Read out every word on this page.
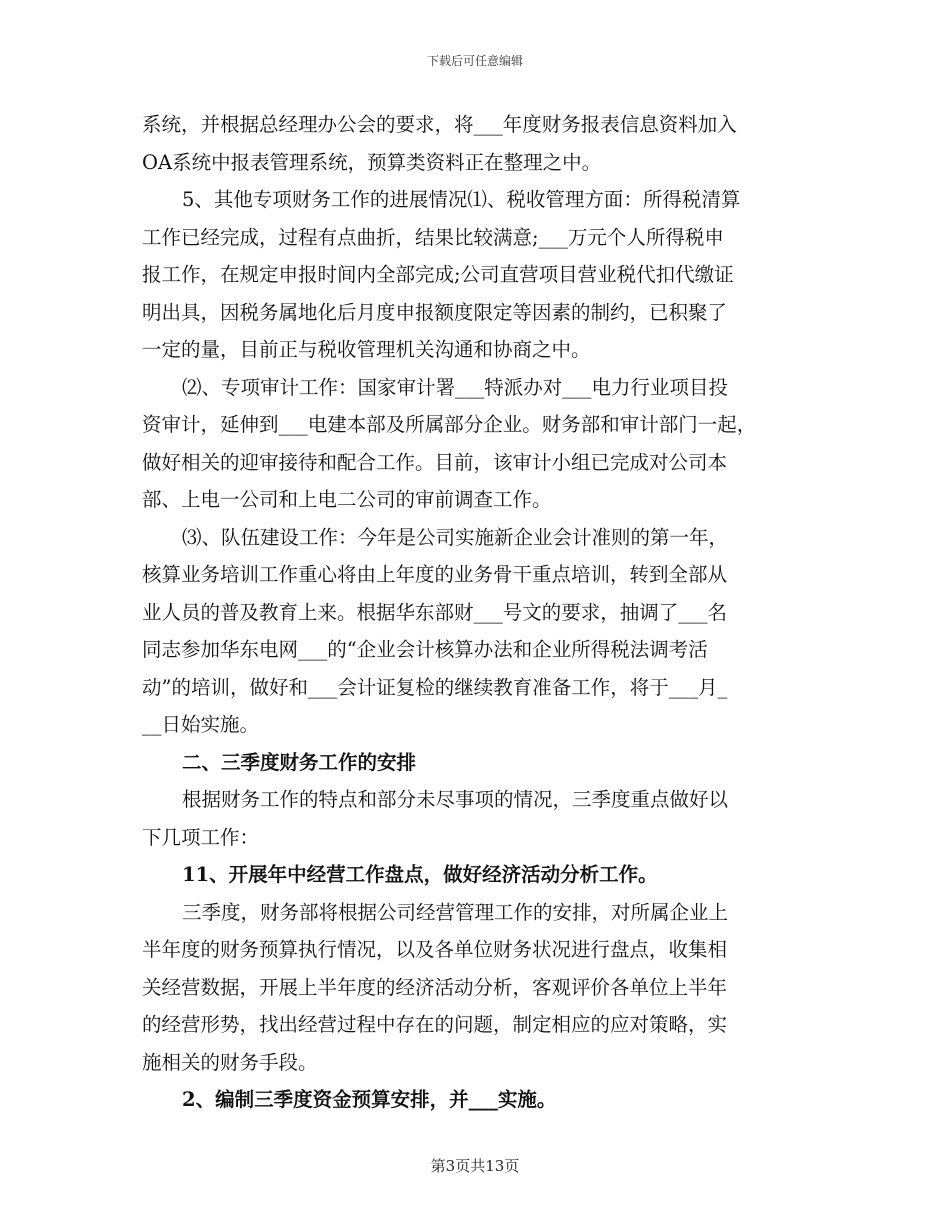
下载后可任意编辑
系统，并根据总经理办公会的要求，将___年度财务报表信息资料加入
OA系统中报表管理系统，预算类资料正在整理之中。
5、其他专项财务工作的进展情况⑴、税收管理方面：所得税清算
工作已经完成，过程有点曲折，结果比较满意;___万元个人所得税申
报工作，在规定申报时间内全部完成;公司直营项目营业税代扣代缴证
明出具，因税务属地化后月度申报额度限定等因素的制约，已积聚了
一定的量，目前正与税收管理机关沟通和协商之中。
⑵、专项审计工作：国家审计署___特派办对___电力行业项目投
资审计，延伸到___电建本部及所属部分企业。财务部和审计部门一起，
做好相关的迎审接待和配合工作。目前，该审计小组已完成对公司本
部、上电一公司和上电二公司的审前调查工作。
⑶、队伍建设工作：今年是公司实施新企业会计准则的第一年，
核算业务培训工作重心将由上年度的业务骨干重点培训，转到全部从
业人员的普及教育上来。根据华东部财___号文的要求，抽调了___名
同志参加华东电网___的“企业会计核算办法和企业所得税法调考活
动”的培训，做好和___会计证复检的继续教育准备工作，将于___月_
__日始实施。
二、三季度财务工作的安排
根据财务工作的特点和部分未尽事项的情况，三季度重点做好以
下几项工作：
11、开展年中经营工作盘点，做好经济活动分析工作。
三季度，财务部将根据公司经营管理工作的安排，对所属企业上
半年度的财务预算执行情况，以及各单位财务状况进行盘点，收集相
关经营数据，开展上半年度的经济活动分析，客观评价各单位上半年
的经营形势，找出经营过程中存在的问题，制定相应的应对策略，实
施相关的财务手段。
2、编制三季度资金预算安排，并___实施。
第3页共13页
